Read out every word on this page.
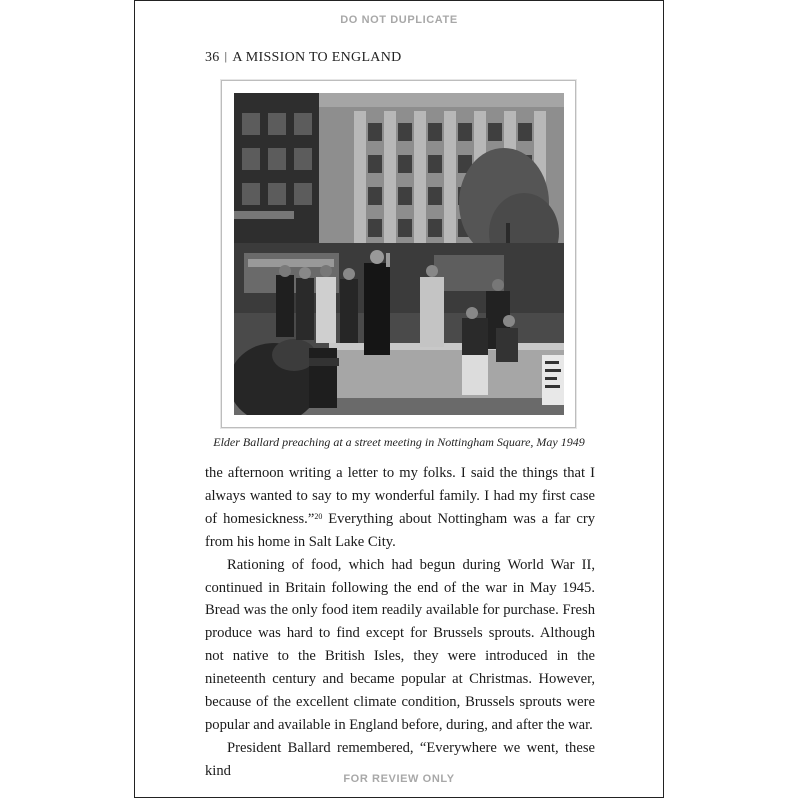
DO NOT DUPLICATE
36 | A MISSION TO ENGLAND
Elder Ballard preaching at a street meeting in Nottingham Square, May 1949

the afternoon writing a letter to my folks. I said the things that I always wanted to say to my wonderful family. I had my first case of homesickness.”$^{20}$ Everything about Nottingham was a far cry from his home in Salt Lake City.

Rationing of food, which had begun during World War II, continued in Britain following the end of the war in May 1945. Bread was the only food item readily available for purchase. Fresh produce was hard to find except for Brussels sprouts. Although not native to the British Isles, they were introduced in the nineteenth century and became popular at Christmas. However, because of the excellent climate condition, Brussels sprouts were popular and available in England before, during, and after the war.

President Ballard remembered, “Everywhere we went, these kind

FOR REVIEW ONLY
